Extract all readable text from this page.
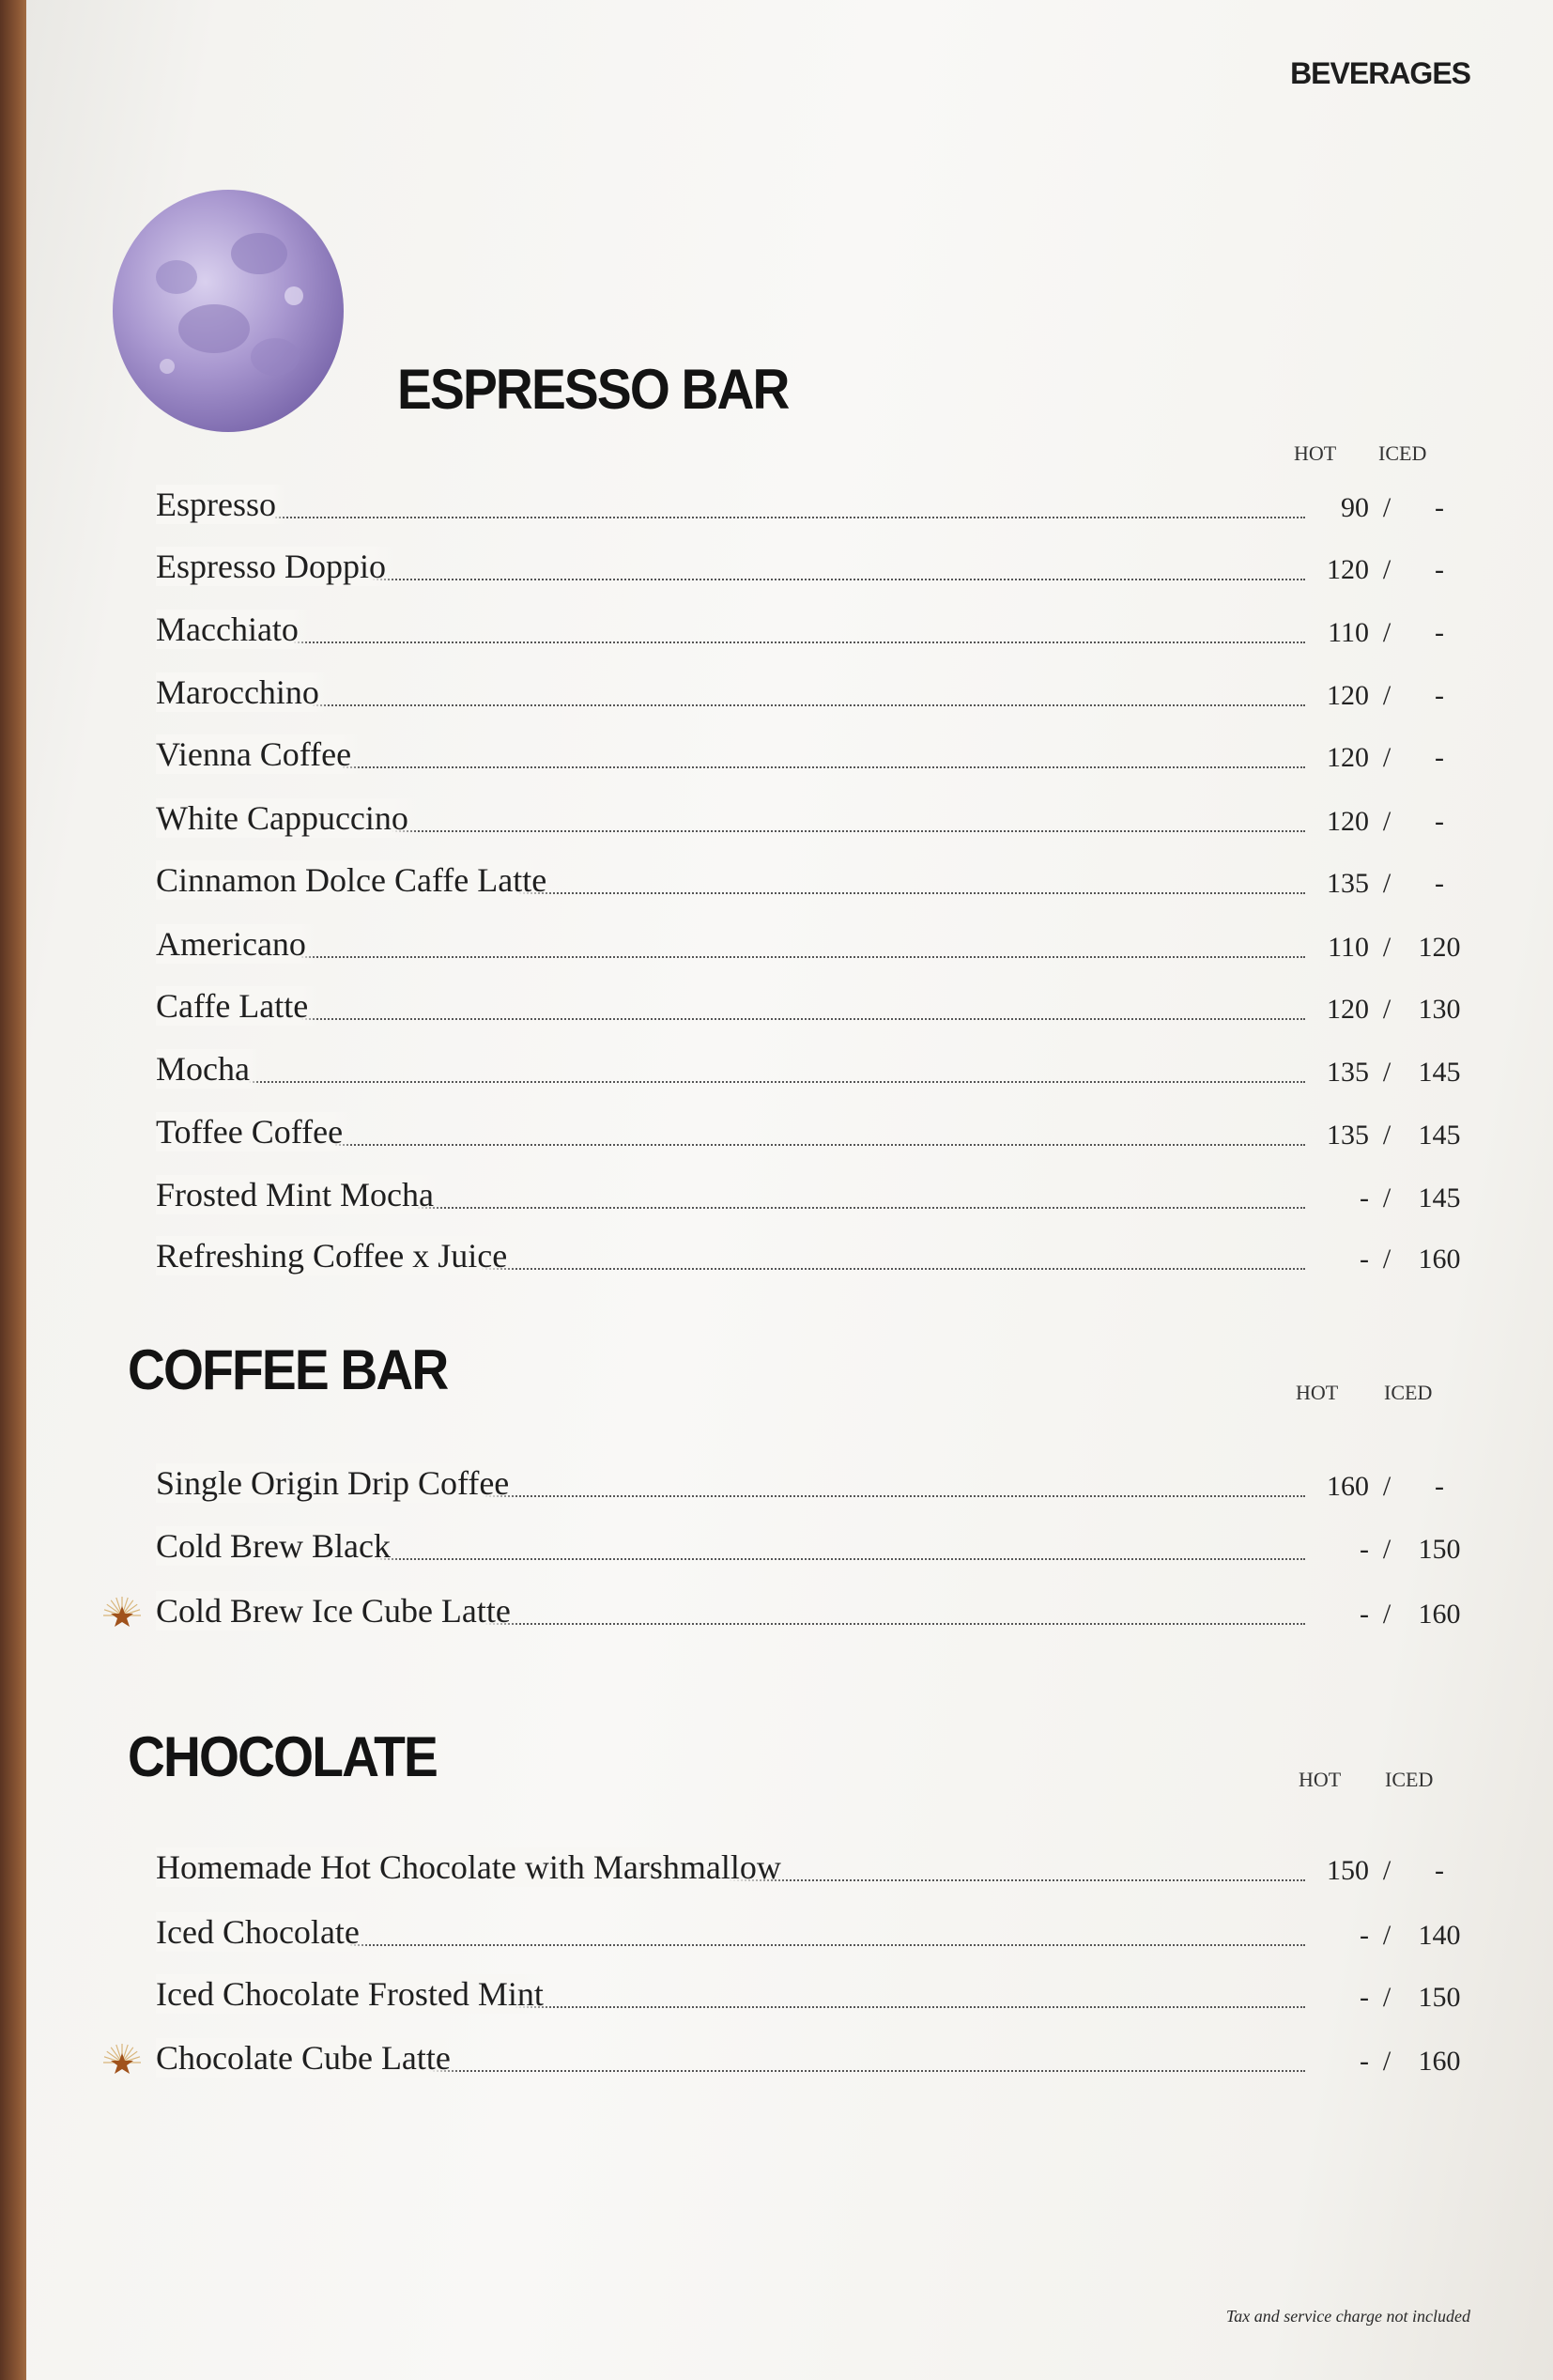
BEVERAGES
ESPRESSO BAR
HOT ICED
COFFEE BAR	HOT ICED
CHOCOLATE	HOT ICED
Tax and service charge not included
Espresso	90 /	-
Espresso Doppio	120 /	-
Macchiato	110 /	-
Marocchino	120 /	-
Vienna Coffee	120 /	-
White Cappuccino	120 /	-
Cinnamon Dolce Caffe Latte	135 /	-
Americano	110 / 120
Caffe Latte	120 / 130
Mocha	135 / 145
Toffee Coffee	135 / 145
Frosted Mint Mocha	- / 145
Refreshing Coffee x Juice	- / 160
Single Origin Drip Coffee	160 /	-
Cold Brew Black	- / 150
Cold Brew Ice Cube Latte	- / 160
Homemade Hot Chocolate with Marshmallow	150 /	-
Iced Chocolate	- / 140
Iced Chocolate Frosted Mint	- / 150
Chocolate Cube Latte	- / 160
